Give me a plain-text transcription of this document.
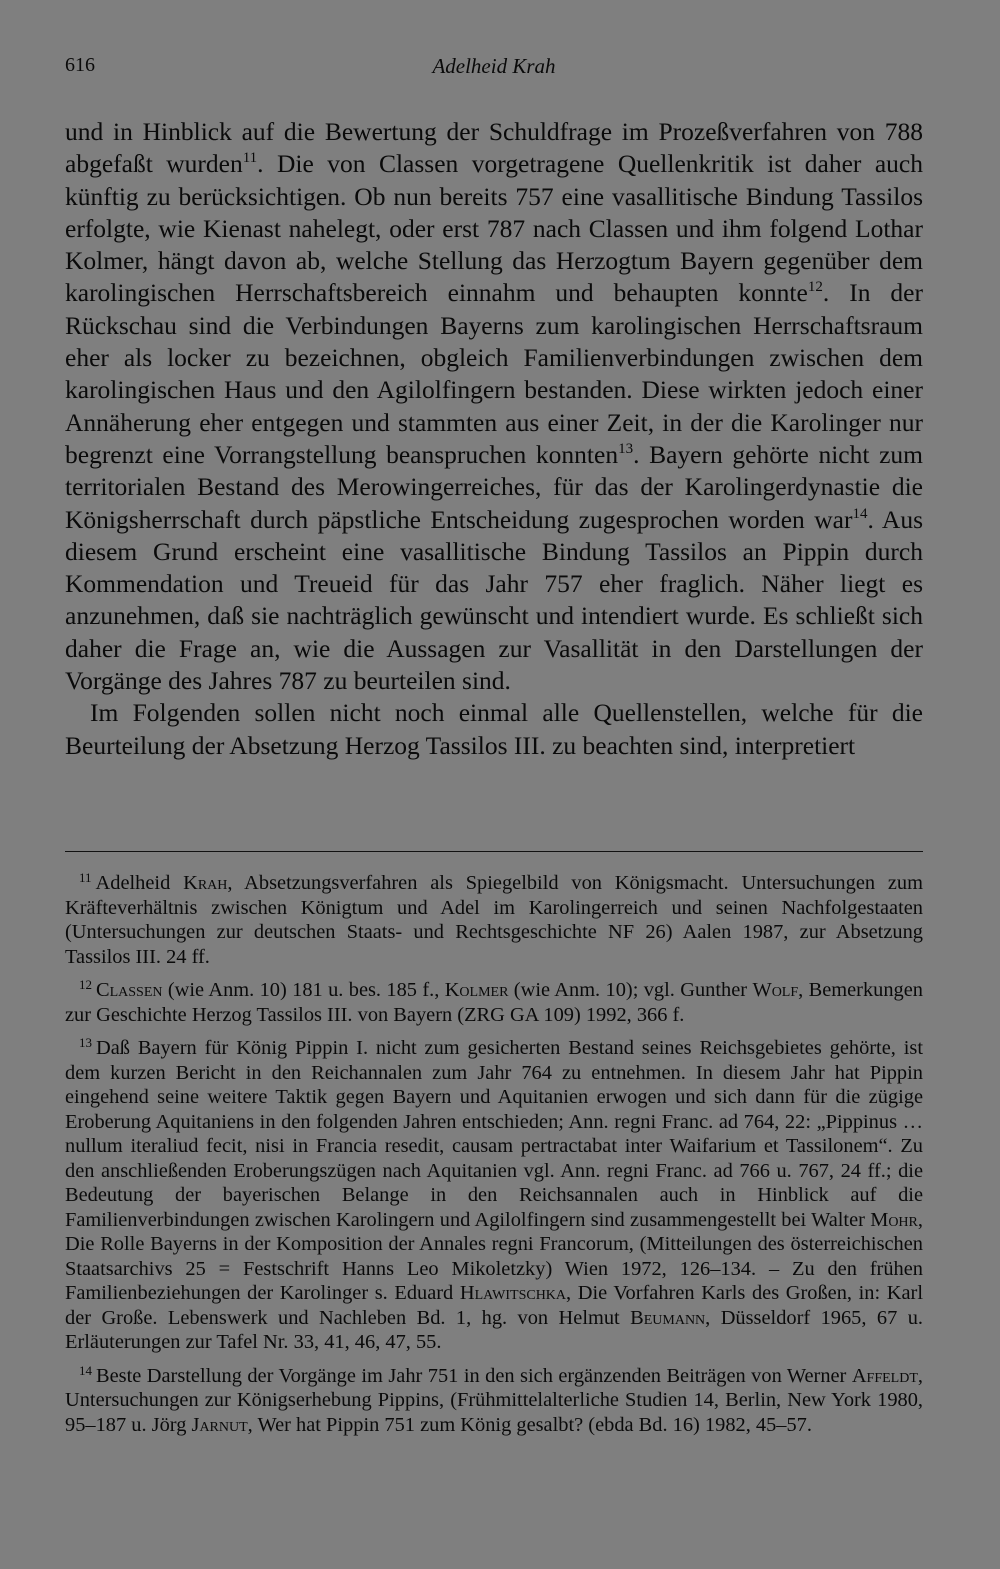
616	Adelheid Krah

und in Hinblick auf die Bewertung der Schuldfrage im Prozeßverfahren von 788 abgefaßt wurden$^{11}$. Die von Classen vorgetragene Quellenkritik ist daher auch künftig zu berücksichtigen. Ob nun bereits 757 eine vasallitische Bindung Tassilos erfolgte, wie Kienast nahelegt, oder erst 787 nach Classen und ihm folgend Lothar Kolmer, hängt davon ab, welche Stellung das Herzogtum Bayern gegenüber dem karolingischen Herrschaftsbereich einnahm und behaupten konnte$^{12}$. In der Rückschau sind die Verbindungen Bayerns zum karolingischen Herrschaftsraum eher als locker zu bezeichnen, obgleich Familienverbindungen zwischen dem karolingischen Haus und den Agilolfingern bestanden. Diese wirkten jedoch einer Annäherung eher entgegen und stammten aus einer Zeit, in der die Karolinger nur begrenzt eine Vorrangstellung beanspruchen konnten$^{13}$. Bayern gehörte nicht zum territorialen Bestand des Merowingerreiches, für das der Karolingerdynastie die Königsherrschaft durch päpstliche Entscheidung zugesprochen worden war$^{14}$. Aus diesem Grund erscheint eine vasallitische Bindung Tassilos an Pippin durch Kommendation und Treueid für das Jahr 757 eher fraglich. Näher liegt es anzunehmen, daß sie nachträglich gewünscht und intendiert wurde. Es schließt sich daher die Frage an, wie die Aussagen zur Vasallität in den Darstellungen der Vorgänge des Jahres 787 zu beurteilen sind.

Im Folgenden sollen nicht noch einmal alle Quellenstellen, welche für die Beurteilung der Absetzung Herzog Tassilos III. zu beachten sind, interpretiert

$^{11}$ Adelheid Krah, Absetzungsverfahren als Spiegelbild von Königsmacht. Untersuchungen zum Kräfteverhältnis zwischen Königtum und Adel im Karolingerreich und seinen Nachfolgestaaten (Untersuchungen zur deutschen Staats- und Rechtsgeschichte NF 26) Aalen 1987, zur Absetzung Tassilos III. 24 ff.

$^{12}$ Classen (wie Anm. 10) 181 u. bes. 185 f., Kolmer (wie Anm. 10); vgl. Gunther Wolf, Bemerkungen zur Geschichte Herzog Tassilos III. von Bayern (ZRG GA 109) 1992, 366 f.

$^{13}$ Daß Bayern für König Pippin I. nicht zum gesicherten Bestand seines Reichsgebietes gehörte, ist dem kurzen Bericht in den Reichannalen zum Jahr 764 zu entnehmen. In diesem Jahr hat Pippin eingehend seine weitere Taktik gegen Bayern und Aquitanien erwogen und sich dann für die zügige Eroberung Aquitaniens in den folgenden Jahren entschieden; Ann. regni Franc. ad 764, 22: „Pippinus … nullum iteraliud fecit, nisi in Francia resedit, causam pertractabat inter Waifarium et Tassilonem“. Zu den anschließenden Eroberungszügen nach Aquitanien vgl. Ann. regni Franc. ad 766 u. 767, 24 ff.; die Bedeutung der bayerischen Belange in den Reichsannalen auch in Hinblick auf die Familienverbindungen zwischen Karolingern und Agilolfingern sind zusammengestellt bei Walter Mohr, Die Rolle Bayerns in der Komposition der Annales regni Francorum, (Mitteilungen des österreichischen Staatsarchivs 25 = Festschrift Hanns Leo Mikoletzky) Wien 1972, 126–134. – Zu den frühen Familienbeziehungen der Karolinger s. Eduard Hlawitschka, Die Vorfahren Karls des Großen, in: Karl der Große. Lebenswerk und Nachleben Bd. 1, hg. von Helmut Beumann, Düsseldorf 1965, 67 u. Erläuterungen zur Tafel Nr. 33, 41, 46, 47, 55.

$^{14}$ Beste Darstellung der Vorgänge im Jahr 751 in den sich ergänzenden Beiträgen von Werner Affeldt, Untersuchungen zur Königserhebung Pippins, (Frühmittelalterliche Studien 14, Berlin, New York 1980, 95–187 u. Jörg Jarnut, Wer hat Pippin 751 zum König gesalbt? (ebda Bd. 16) 1982, 45–57.
